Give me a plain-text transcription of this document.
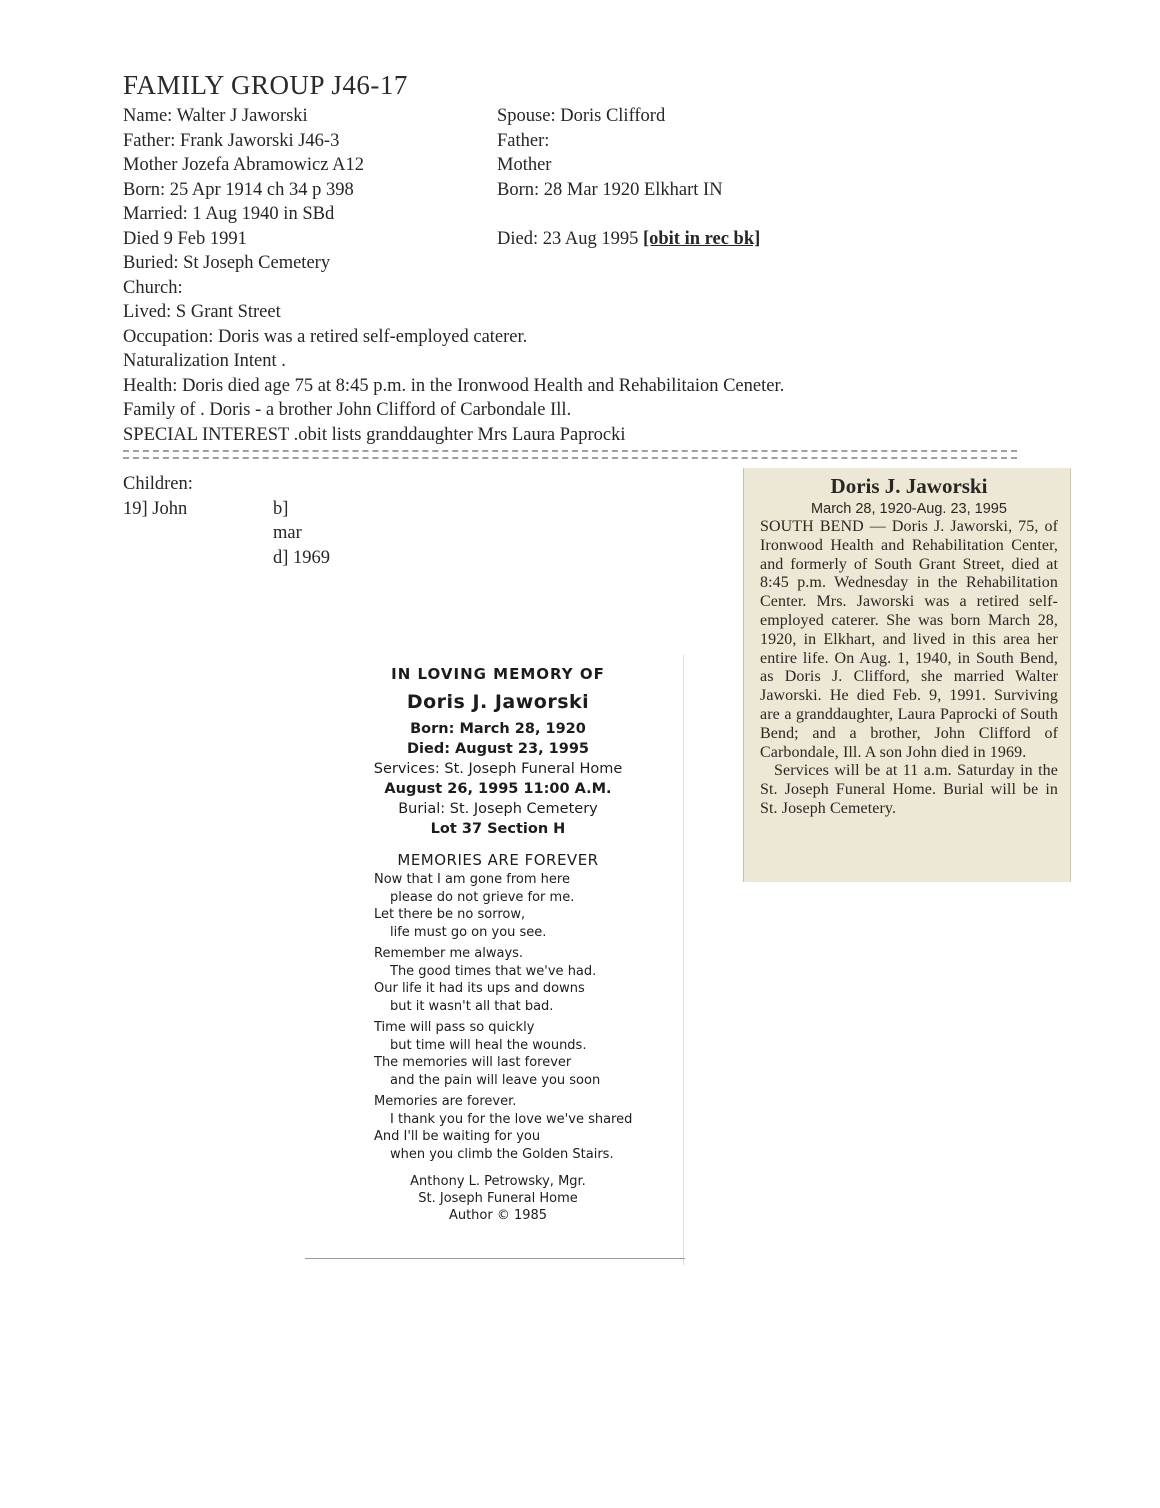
FAMILY GROUP J46-17
Name: Walter J Jaworski
Father: Frank Jaworski J46-3
Mother Jozefa Abramowicz A12
Born: 25 Apr 1914 ch 34 p 398
Married: 1 Aug 1940 in SBd
Died 9 Feb 1991
Buried: St Joseph Cemetery
Church:
Lived: S Grant Street
Occupation: Doris was a retired self-employed caterer.
Naturalization Intent .
Health: Doris died age 75 at 8:45 p.m. in the Ironwood Health and Rehabilitaion Ceneter.
Family of . Doris - a brother John Clifford of Carbondale Ill.
SPECIAL INTEREST .obit lists granddaughter Mrs Laura Paprocki
Spouse: Doris Clifford
Father:
Mother
Born: 28 Mar 1920 Elkhart IN
Died: 23 Aug 1995 [obit in rec bk]
Children:
19] John	b]
mar
d] 1969
Doris J. Jaworski
March 28, 1920-Aug. 23, 1995

SOUTH BEND — Doris J. Jaworski, 75, of Ironwood Health and Rehabilitation Center, and formerly of South Grant Street, died at 8:45 p.m. Wednesday in the Rehabilitation Center. Mrs. Jaworski was a retired self-employed caterer. She was born March 28, 1920, in Elkhart, and lived in this area her entire life. On Aug. 1, 1940, in South Bend, as Doris J. Clifford, she married Walter Jaworski. He died Feb. 9, 1991. Surviving are a granddaughter, Laura Paprocki of South Bend; and a brother, John Clifford of Carbondale, Ill. A son John died in 1969.

Services will be at 11 a.m. Saturday in the St. Joseph Funeral Home. Burial will be in St. Joseph Cemetery.

IN LOVING MEMORY OF
Doris J. Jaworski
Born: March 28, 1920
Died: August 23, 1995
Services: St. Joseph Funeral Home
August 26, 1995 11:00 A.M.
Burial: St. Joseph Cemetery
Lot 37 Section H
MEMORIES ARE FOREVER
Now that I am gone from here
please do not grieve for me.
Let there be no sorrow,
life must go on you see.
Remember me always.
The good times that we've had.
Our life it had its ups and downs
but it wasn't all that bad.
Time will pass so quickly
but time will heal the wounds.
The memories will last forever
and the pain will leave you soon
Memories are forever.
I thank you for the love we've shared
And I'll be waiting for you
when you climb the Golden Stairs.
Anthony L. Petrowsky, Mgr.
St. Joseph Funeral Home
Author © 1985
